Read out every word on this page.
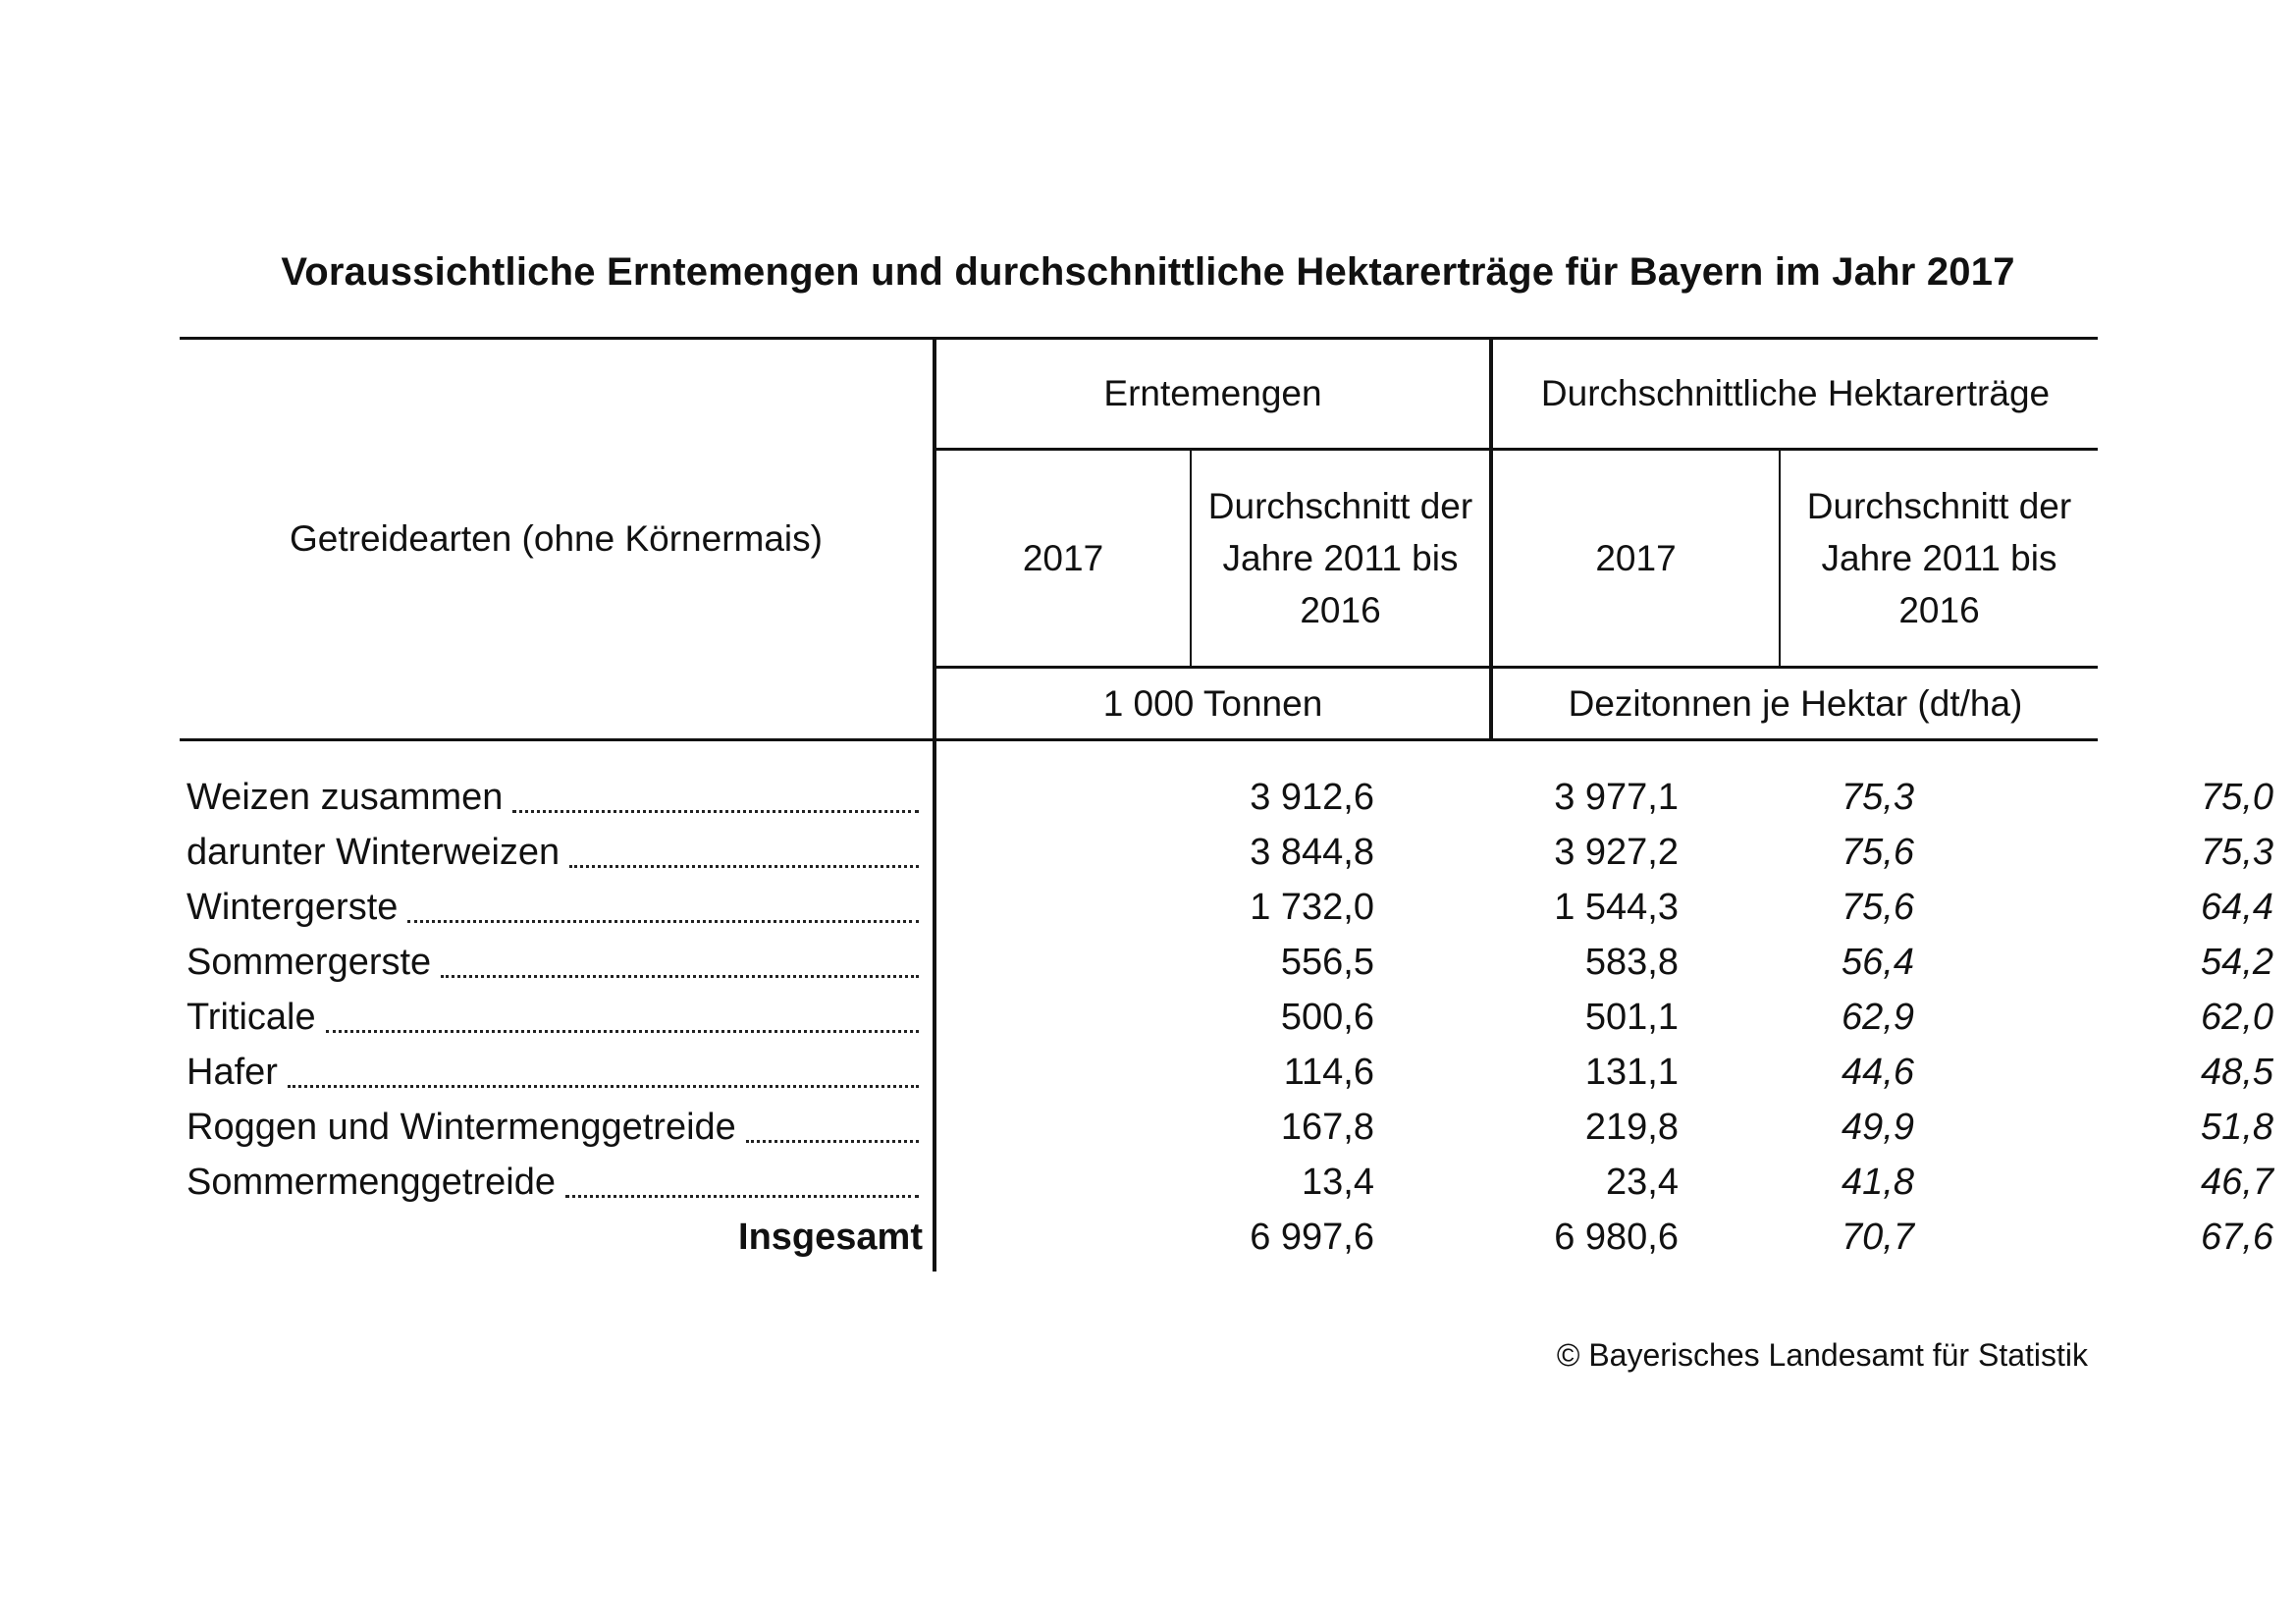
Voraussichtliche Erntemengen und durchschnittliche Hektarerträge für Bayern im Jahr 2017
Getreidearten (ohne Körnermais)
Erntemengen	Durchschnittliche Hektarerträge
2017
Durchschnitt der Jahre 2011 bis 2016
2017
Durchschnitt der Jahre 2011 bis 2016
1 000 Tonnen	Dezitonnen je Hektar (dt/ha)
Weizen zusammen	3 912,6	3 977,1	75,3	75,0
darunter Winterweizen	3 844,8	3 927,2	75,6	75,3
Wintergerste	1 732,0	1 544,3	75,6	64,4
Sommergerste	556,5	583,8	56,4	54,2
Triticale	500,6	501,1	62,9	62,0
Hafer	114,6	131,1	44,6	48,5
Roggen und Wintermenggetreide	167,8	219,8	49,9	51,8
Sommermenggetreide	13,4	23,4	41,8	46,7
Insgesamt	6 997,6	6 980,6	70,7	67,6
© Bayerisches Landesamt für Statistik
